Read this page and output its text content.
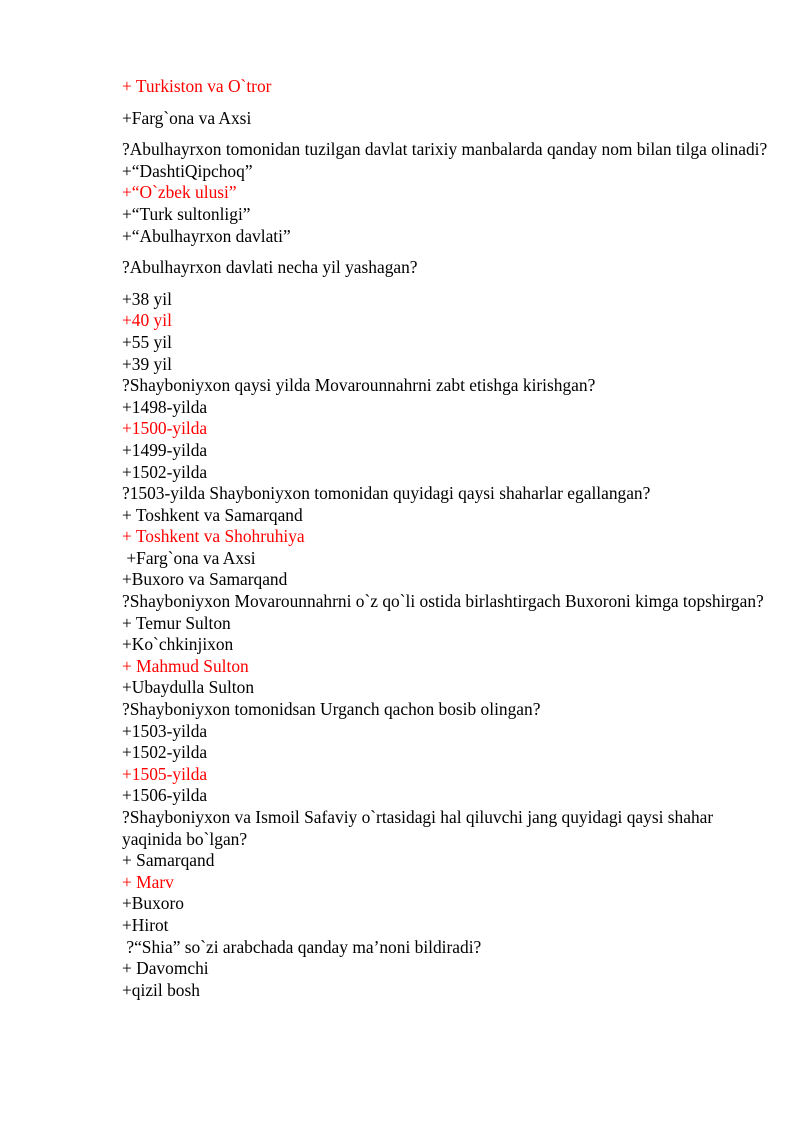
+ Turkiston va O`tror

+Farg`ona va Axsi

?Abulhayrxon tomonidan tuzilgan davlat tarixiy manbalarda qanday nom bilan tilga olinadi?

+“DashtiQipchoq”

+“O`zbek ulusi”

+“Turk sultonligi”

+“Abulhayrxon davlati”

?Abulhayrxon davlati necha yil yashagan?

+38 yil

+40 yil

+55 yil

+39 yil

?Shayboniyxon qaysi yilda Movarounnahrni zabt etishga kirishgan?

+1498-yilda

+1500-yilda

+1499-yilda

+1502-yilda

?1503-yilda Shayboniyxon tomonidan quyidagi qaysi shaharlar egallangan?

+ Toshkent va Samarqand

+ Toshkent va Shohruhiya

+Farg`ona va Axsi

+Buxoro va Samarqand

?Shayboniyxon Movarounnahrni o`z qo`li ostida birlashtirgach Buxoroni kimga topshirgan?

+ Temur Sulton

+Ko`chkinjixon

+ Mahmud Sulton

+Ubaydulla Sulton

?Shayboniyxon tomonidsan Urganch qachon bosib olingan?

+1503-yilda

+1502-yilda

+1505-yilda

+1506-yilda

?Shayboniyxon va Ismoil Safaviy o`rtasidagi hal qiluvchi jang quyidagi qaysi shahar yaqinida bo`lgan?

+ Samarqand

+ Marv

+Buxoro

+Hirot

?“Shia” so`zi arabchada qanday ma’noni bildiradi?

+ Davomchi

+qizil bosh
